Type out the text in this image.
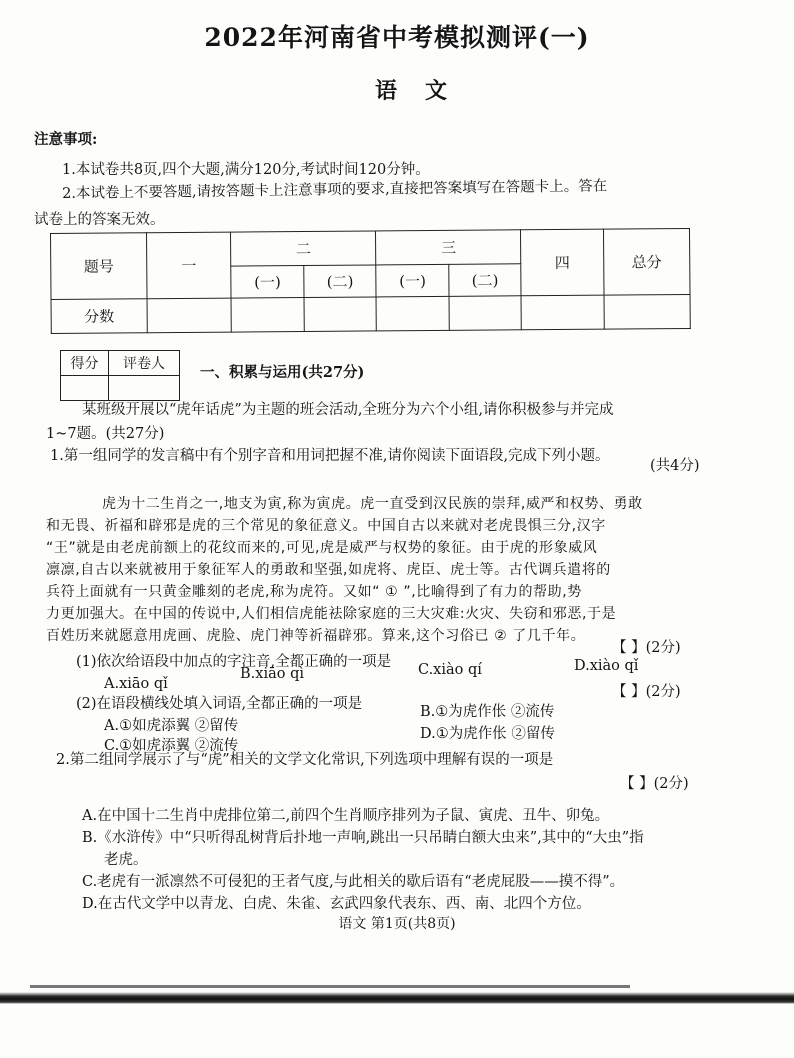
2022年河南省中考模拟测评(一)
语文
注意事项:
1.本试卷共8页,四个大题,满分120分,考试时间120分钟。
2.本试卷上不要答题,请按答题卡上注意事项的要求,直接把答案填写在答题卡上。答在
试卷上的答案无效。
题号	一	二		三		四	总分
		(一)	(二)	(一)	(二)		
分数							
得分	评卷人
	一、积累与运用(共27分)
某班级开展以“虎年话虎”为主题的班会活动,全班分为六个小组,请你积极参与并完成
1~7题。(共27分)
1.第一组同学的发言稿中有个别字音和用词把握不准,请你阅读下面语段,完成下列小题。
(共4分)
虎为十二生肖之一,地支为寅,称为寅虎。虎一直受到汉民族的崇拜,威严和权势、勇敢
和无畏、祈福和辟邪是虎的三个常见的象征意义。中国自古以来就对老虎畏惧三分,汉字
“王”就是由老虎前额上的花纹而来的,可见,虎是威严与权势的象征。由于虎的形象威风
凛凛,自古以来就被用于象征军人的勇敢和坚强,如虎将、虎臣、虎士等。古代调兵遣将的
兵符上面就有一只黄金雕刻的老虎,称为虎符。又如“ ① ”,比喻得到了有力的帮助,势
力更加强大。在中国的传说中,人们相信虎能祛除家庭的三大灾难:火灾、失窃和邪恶,于是
百姓历来就愿意用虎画、虎脸、虎门神等祈福辟邪。算来,这个习俗已 ② 了几千年。
(1)依次给语段中加点的字注音,全都正确的一项是
【 】(2分)
A.xiāo qǐ
B.xiāo qì	C.xiào qí	D.xiào qǐ
(2)在语段横线处填入词语,全都正确的一项是
【 】(2分)
A.①如虎添翼 ②留传
B.①为虎作伥 ②流传
C.①如虎添翼 ②流传
D.①为虎作伥 ②留传
2.第二组同学展示了与“虎”相关的文学文化常识,下列选项中理解有误的一项是
【 】(2分)
A.在中国十二生肖中虎排位第二,前四个生肖顺序排列为子鼠、寅虎、丑牛、卯兔。
B.《水浒传》中“只听得乱树背后扑地一声响,跳出一只吊睛白额大虫来”,其中的“大虫”指
老虎。
C.老虎有一派凛然不可侵犯的王者气度,与此相关的歇后语有“老虎屁股——摸不得”。
D.在古代文学中以青龙、白虎、朱雀、玄武四象代表东、西、南、北四个方位。
语文 第1页(共8页)
